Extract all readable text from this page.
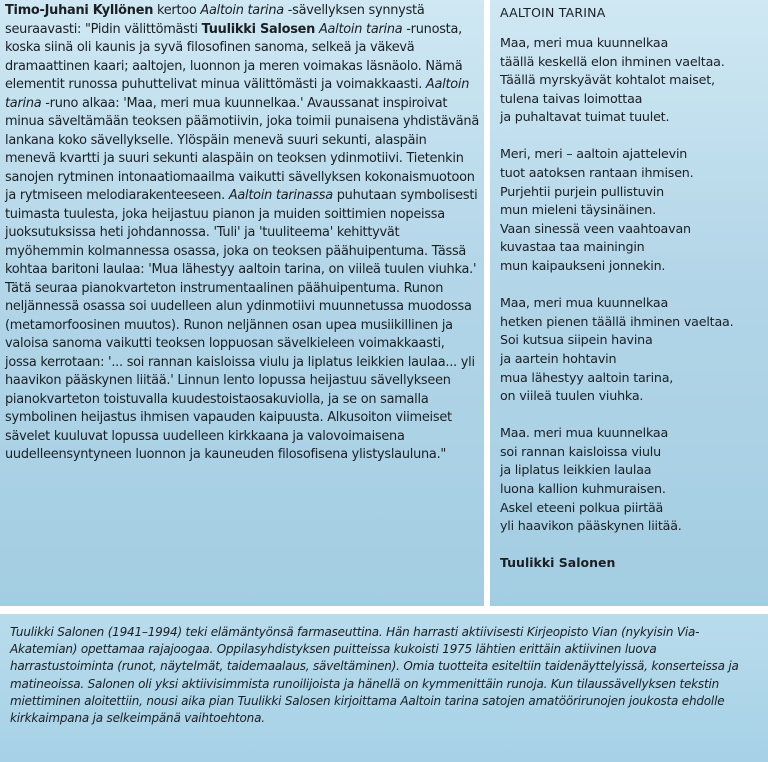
Timo-Juhani Kyllönen kertoo Aaltoin tarina -sävellyksen synnystä seuraavasti: "Pidin välittömästi Tuulikki Salosen Aaltoin tarina -runosta, koska siinä oli kaunis ja syvä filosofinen sanoma, selkeä ja väkevä dramaattinen kaari; aaltojen, luonnon ja meren voimakas läsnäolo. Nämä elementit runossa puhuttelivat minua välittömästi ja voimakkaasti. Aaltoin tarina -runo alkaa: 'Maa, meri mua kuunnelkaa.' Avaussanat inspiroivat minua säveltämään teoksen päämotiivin, joka toimii punaisena yhdistävänä lankana koko sävellykselle. Ylöspäin menevä suuri sekunti, alaspäin menevä kvartti ja suuri sekunti alaspäin on teoksen ydinmotiivi. Tietenkin sanojen rytminen intonaatiomaailma vaikutti sävellyksen kokonaismuotoon ja rytmiseen melodiarakenteeseen. Aaltoin tarinassa puhutaan symbolisesti tuimasta tuulesta, joka heijastuu pianon ja muiden soittimien nopeissa juoksutuksissa heti johdannossa. 'Tuli' ja 'tuuliteema' kehittyvät myöhemmin kolmannessa osassa, joka on teoksen päähuipentuma. Tässä kohtaa baritoni laulaa: 'Mua lähestyy aaltoin tarina, on viileä tuulen viuhka.' Tätä seuraa pianokvarteton instrumentaalinen päähuipentuma. Runon neljännessä osassa soi uudelleen alun ydinmotiivi muunnetussa muodossa (metamorfoosinen muutos). Runon neljännen osan upea musiikillinen ja valoisa sanoma vaikutti teoksen loppuosan sävelkieleen voimakkaasti, jossa kerrotaan: '... soi rannan kaisloissa viulu ja liplatus leikkien laulaa... yli haavikon pääskynen liitää.' Linnun lento lopussa heijastuu sävellykseen pianokvarteton toistuvalla kuudestoistaosakuviolla, ja se on samalla symbolinen heijastus ihmisen vapauden kaipuusta. Alkusoiton viimeiset sävelet kuuluvat lopussa uudelleen kirkkaana ja valovoimaisena uudelleensyntyneen luonnon ja kauneuden filosofisena ylistyslauluna."

AALTOIN TARINA
Maa, meri mua kuunnelkaa
täällä keskellä elon ihminen vaeltaa.
Täällä myrskyävät kohtalot maiset,
tulena taivas loimottaa
ja puhaltavat tuimat tuulet.
Meri, meri – aaltoin ajattelevin
tuot aatoksen rantaan ihmisen.
Purjehtii purjein pullistuvin
mun mieleni täysinäinen.
Vaan sinessä veen vaahtoavan
kuvastaa taa mainingin
mun kaipaukseni jonnekin.
Maa, meri mua kuunnelkaa
hetken pienen täällä ihminen vaeltaa.
Soi kutsua siipein havina
ja aartein hohtavin
mua lähestyy aaltoin tarina,
on viileä tuulen viuhka.
Maa. meri mua kuunnelkaa
soi rannan kaisloissa viulu
ja liplatus leikkien laulaa
luona kallion kuhmuraisen.
Askel eteeni polkua piirtää
yli haavikon pääskynen liitää.
Tuulikki Salonen

Tuulikki Salonen (1941–1994) teki elämäntyönsä farmaseuttina. Hän harrasti aktiivisesti Kirjeopisto Vian (nykyisin Via-Akatemian) opettamaa rajajoogaa. Oppilasyhdistyksen puitteissa kukoisti 1975 lähtien erittäin aktiivinen luova harrastustoiminta (runot, näytelmät, taidemaalaus, säveltäminen). Omia tuotteita esiteltiin taidenäyttelyissä, konserteissa ja matineoissa. Salonen oli yksi aktiivisimmista runoilijoista ja hänellä on kymmenittäin runoja. Kun tilaussävellyksen tekstin miettiminen aloitettiin, nousi aika pian Tuulikki Salosen kirjoittama Aaltoin tarina satojen amatöörirunojen joukosta ehdolle kirkkaimpana ja selkeimpänä vaihtoehtona.
